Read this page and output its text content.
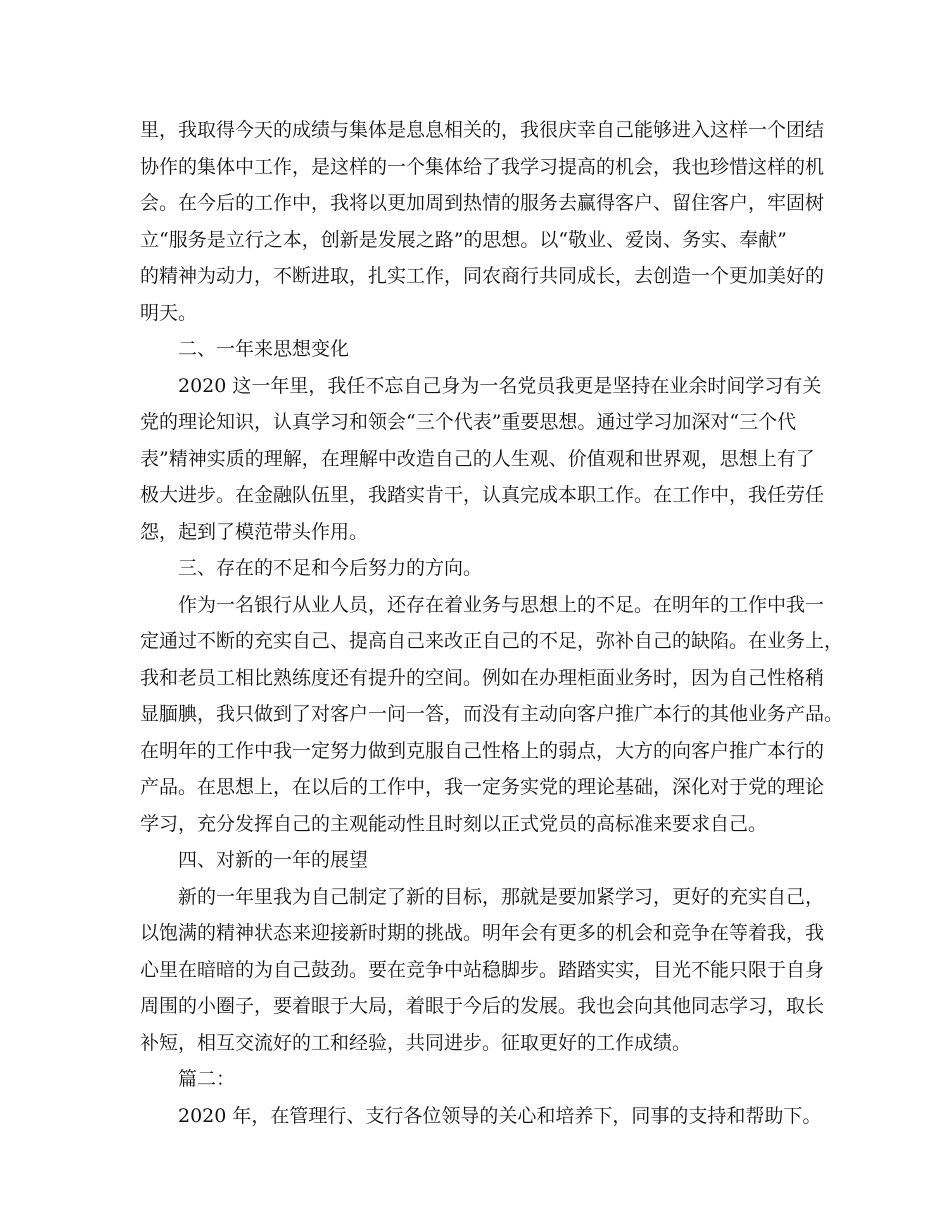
里，我取得今天的成绩与集体是息息相关的，我很庆幸自己能够进入这样一个团结
协作的集体中工作，是这样的一个集体给了我学习提高的机会，我也珍惜这样的机
会。在今后的工作中，我将以更加周到热情的服务去赢得客户、留住客户，牢固树
立“服务是立行之本，创新是发展之路”的思想。以“敬业、爱岗、务实、奉献”
的精神为动力，不断进取，扎实工作，同农商行共同成长，去创造一个更加美好的
明天。
二、一年来思想变化
2020 这一年里，我任不忘自己身为一名党员我更是坚持在业余时间学习有关
党的理论知识，认真学习和领会“三个代表”重要思想。通过学习加深对“三个代
表”精神实质的理解，在理解中改造自己的人生观、价值观和世界观，思想上有了
极大进步。在金融队伍里，我踏实肯干，认真完成本职工作。在工作中，我任劳任
怨，起到了模范带头作用。
三、存在的不足和今后努力的方向。
作为一名银行从业人员，还存在着业务与思想上的不足。在明年的工作中我一
定通过不断的充实自己、提高自己来改正自己的不足，弥补自己的缺陷。在业务上，
我和老员工相比熟练度还有提升的空间。例如在办理柜面业务时，因为自己性格稍
显腼腆，我只做到了对客户一问一答，而没有主动向客户推广本行的其他业务产品。
在明年的工作中我一定努力做到克服自己性格上的弱点，大方的向客户推广本行的
产品。在思想上，在以后的工作中，我一定务实党的理论基础，深化对于党的理论
学习，充分发挥自己的主观能动性且时刻以正式党员的高标准来要求自己。
四、对新的一年的展望
新的一年里我为自己制定了新的目标，那就是要加紧学习，更好的充实自己，
以饱满的精神状态来迎接新时期的挑战。明年会有更多的机会和竞争在等着我，我
心里在暗暗的为自己鼓劲。要在竞争中站稳脚步。踏踏实实，目光不能只限于自身
周围的小圈子，要着眼于大局，着眼于今后的发展。我也会向其他同志学习，取长
补短，相互交流好的工和经验，共同进步。征取更好的工作成绩。
篇二：
2020 年，在管理行、支行各位领导的关心和培养下，同事的支持和帮助下。
